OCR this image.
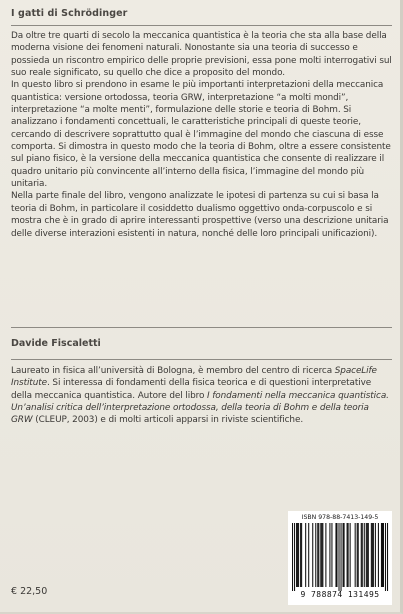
I gatti di Schrödinger

Da oltre tre quarti di secolo la meccanica quantistica è la teoria che sta alla base della moderna visione dei fenomeni naturali. Nonostante sia una teoria di successo e possieda un riscontro empirico delle proprie previsioni, essa pone molti interrogativi sul suo reale significato, su quello che dice a proposito del mondo.

In questo libro si prendono in esame le più importanti interpretazioni della meccanica quantistica: versione ortodossa, teoria GRW, interpretazione “a molti mondi”, interpretazione “a molte menti”, formulazione delle storie e teoria di Bohm. Si analizzano i fondamenti concettuali, le caratteristiche principali di queste teorie, cercando di descrivere soprattutto qual è l’immagine del mondo che ciascuna di esse comporta. Si dimostra in questo modo che la teoria di Bohm, oltre a essere consistente sul piano fisico, è la versione della meccanica quantistica che consente di realizzare il quadro unitario più convincente all’interno della fisica, l’immagine del mondo più unitaria.

Nella parte finale del libro, vengono analizzate le ipotesi di partenza su cui si basa la teoria di Bohm, in particolare il cosiddetto dualismo oggettivo onda-corpuscolo e si mostra che è in grado di aprire interessanti prospettive (verso una descrizione unitaria delle diverse interazioni esistenti in natura, nonché delle loro principali unificazioni).

Davide Fiscaletti

Laureato in fisica all’università di Bologna, è membro del centro di ricerca SpaceLife Institute. Si interessa di fondamenti della fisica teorica e di questioni interpretative della meccanica quantistica. Autore del libro I fondamenti nella meccanica quantistica. Un’analisi critica dell’interpretazione ortodossa, della teoria di Bohm e della teoria GRW (CLEUP, 2003) e di molti articoli apparsi in riviste scientifiche.

ISBN 978-88-7413-149-5
9 788874 131495
€ 22,50
